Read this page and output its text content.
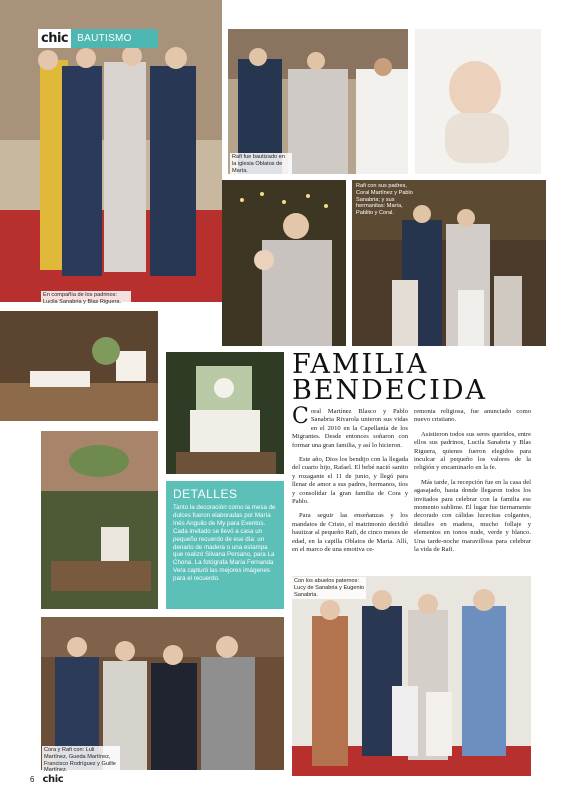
En compañía de los padrinos: Lucila Sanabria y Blas Riguera.
chic BAUTISMO
Rafi fue bautizado en la iglesia Oblatos de María.
Rafi con sus padres, Coral Martínez y Pablo Sanabria; y sus hermanitas: María, Pablito y Coral.
DETALLES
Tanto la decoración como la mesa de dulces fueron elaboradas por María Inés Anguilo de My para Eventos. Cada invitado se llevó a casa un pequeño recuerdo de ese día: un denario de madera o una estampa que realizó Silvana Persano, para La Chona. La fotógrafa María Fernanda Vera capturó las mejores imágenes para el recuerdo.
FAMILIA
BENDECIDA

Coral Martínez Blasco y Pablo Sanabria Rivarola unieron sus vidas en el 2010 en la Capellanía de los Migrantes. Desde entonces soñaron con formar una gran familia, y así lo hicieron.

Este año, Dios los bendijo con la llegada del cuarto hijo, Rafael. El bebé nació sanito y rozagante el 11 de junio, y llegó para llenar de amor a sus padres, hermanos, tíos y consolidar la gran familia de Cora y Pablo.

Para seguir las enseñanzas y los mandatos de Cristo, el matrimonio decidió bautizar al pequeño Rafi, de cinco meses de edad, en la capilla Oblatos de María. Allí, en el marco de una emotiva ce-

remonia religiosa, fue anunciado como nuevo cristiano.

Asistieron todos sus seres queridos, entre ellos sus padrinos, Lucila Sanabria y Blas Riguera, quienes fueron elegidos para inculcar al pequeño los valores de la religión y encaminarlo en la fe.

Más tarde, la recepción fue en la casa del agasajado, hasta donde llegaron todos los invitados para celebrar con la familia ese momento sublime. El lugar fue tiernamente decorado con cálidas lucecitas colgantes, detalles en madera, mucho follaje y elementos en tonos nude, verde y blanco. Una tarde-noche maravillosa para celebrar la vida de Rafi.

Cora y Rafi con: Luli Martínez, Gueda Martínez, Francisco Rodríguez y Guille Martínez.
Con los abuelos paternos: Lucy de Sanabria y Eugenio Sanabria.
6 chic
